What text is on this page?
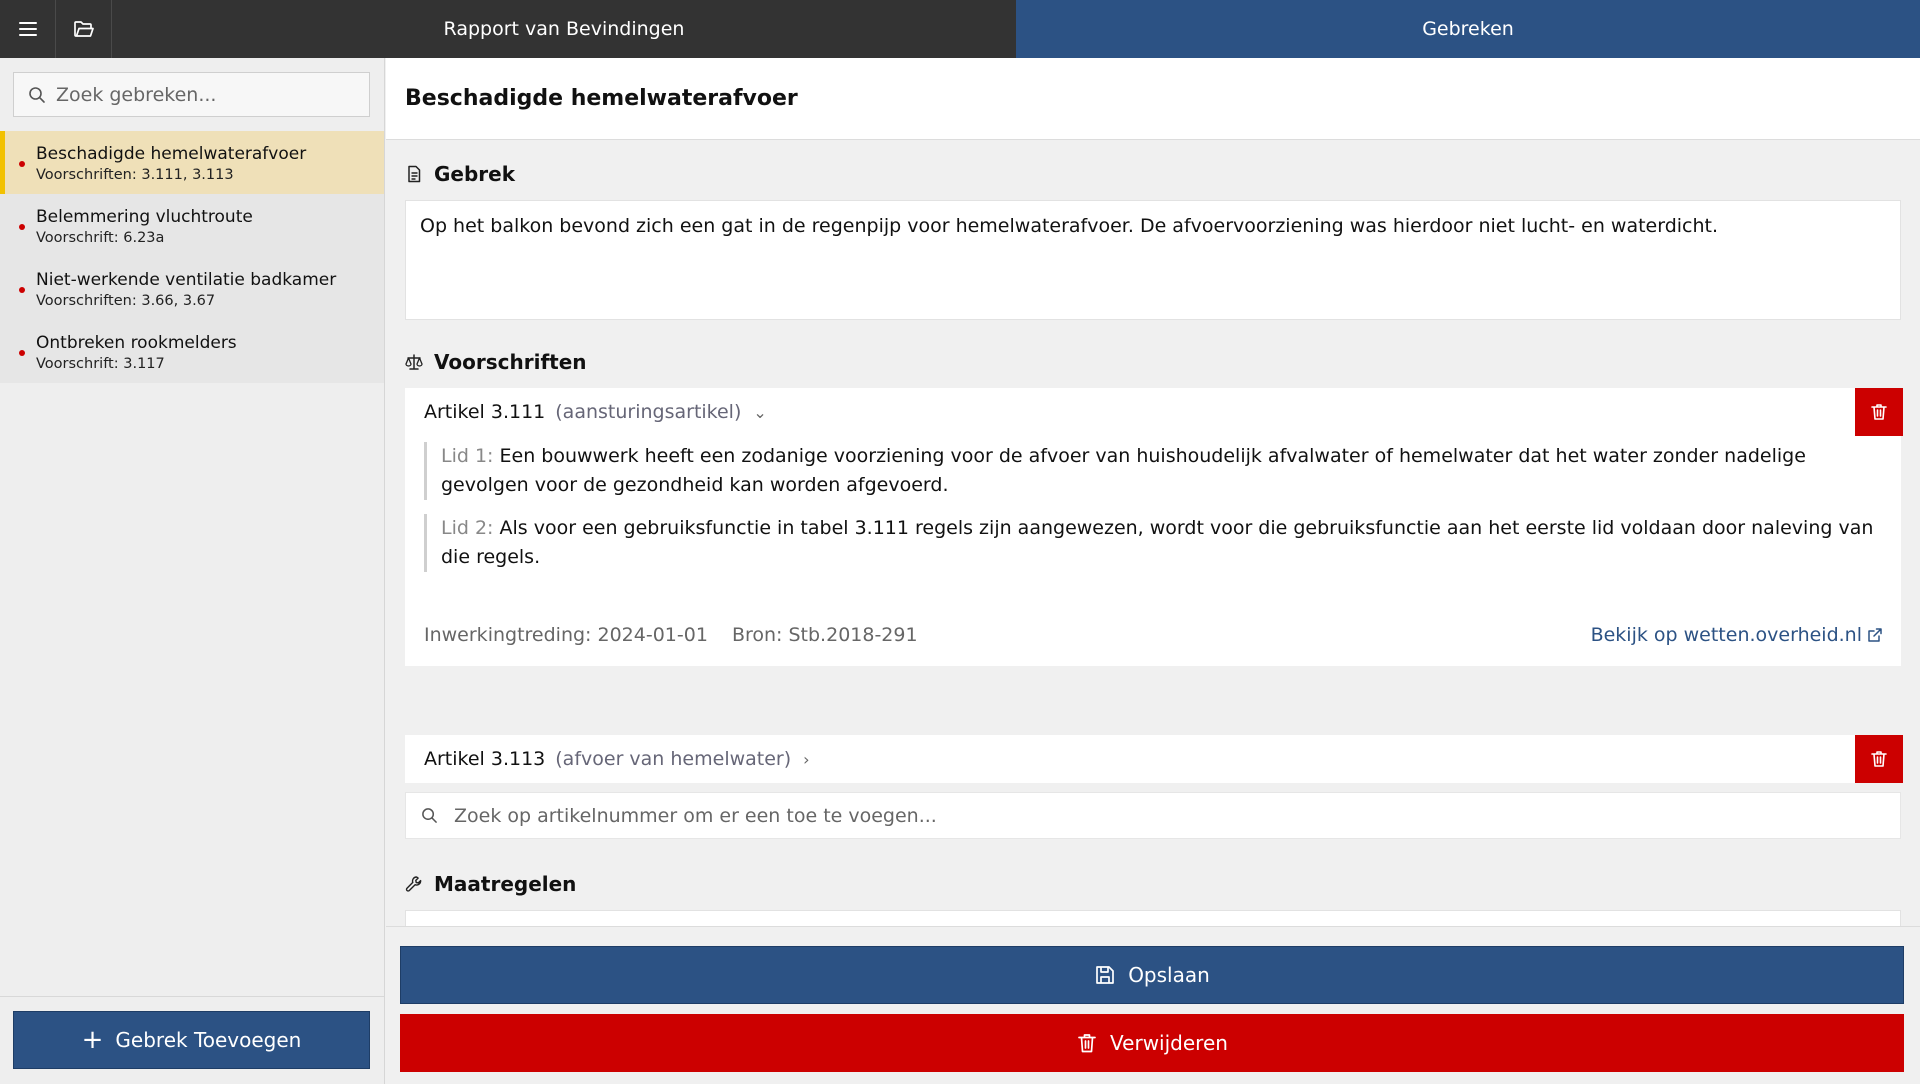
Rapport van Bevindingen	Gebreken
Zoek gebreken...
Beschadigde hemelwaterafvoer
Voorschriften: 3.111, 3.113
Belemmering vluchtroute
Voorschrift: 6.23a
Niet-werkende ventilatie badkamer
Voorschriften: 3.66, 3.67
Ontbreken rookmelders
Voorschrift: 3.117
+ Gebrek Toevoegen
Beschadigde hemelwaterafvoer
Gebrek
Op het balkon bevond zich een gat in de regenpijp voor hemelwaterafvoer. De afvoervoorziening was hierdoor niet lucht- en waterdicht.
Voorschriften
Artikel 3.111 (aansturingsartikel) ⌄
Lid 1: Een bouwwerk heeft een zodanige voorziening voor de afvoer van huishoudelijk afvalwater of hemelwater dat het water zonder nadelige gevolgen voor de gezondheid kan worden afgevoerd.
Lid 2: Als voor een gebruiksfunctie in tabel 3.111 regels zijn aangewezen, wordt voor die gebruiksfunctie aan het eerste lid voldaan door naleving van die regels.
Inwerkingtreding: 2024-01-01 Bron: Stb.2018-291	Bekijk op wetten.overheid.nl
Artikel 3.113 (afvoer van hemelwater) ›
Zoek op artikelnummer om er een toe te voegen...
Maatregelen
De voorziening voor de afvoer van hemelwater dient lucht- en waterdicht te zijn.
Opslaan
Verwijderen
